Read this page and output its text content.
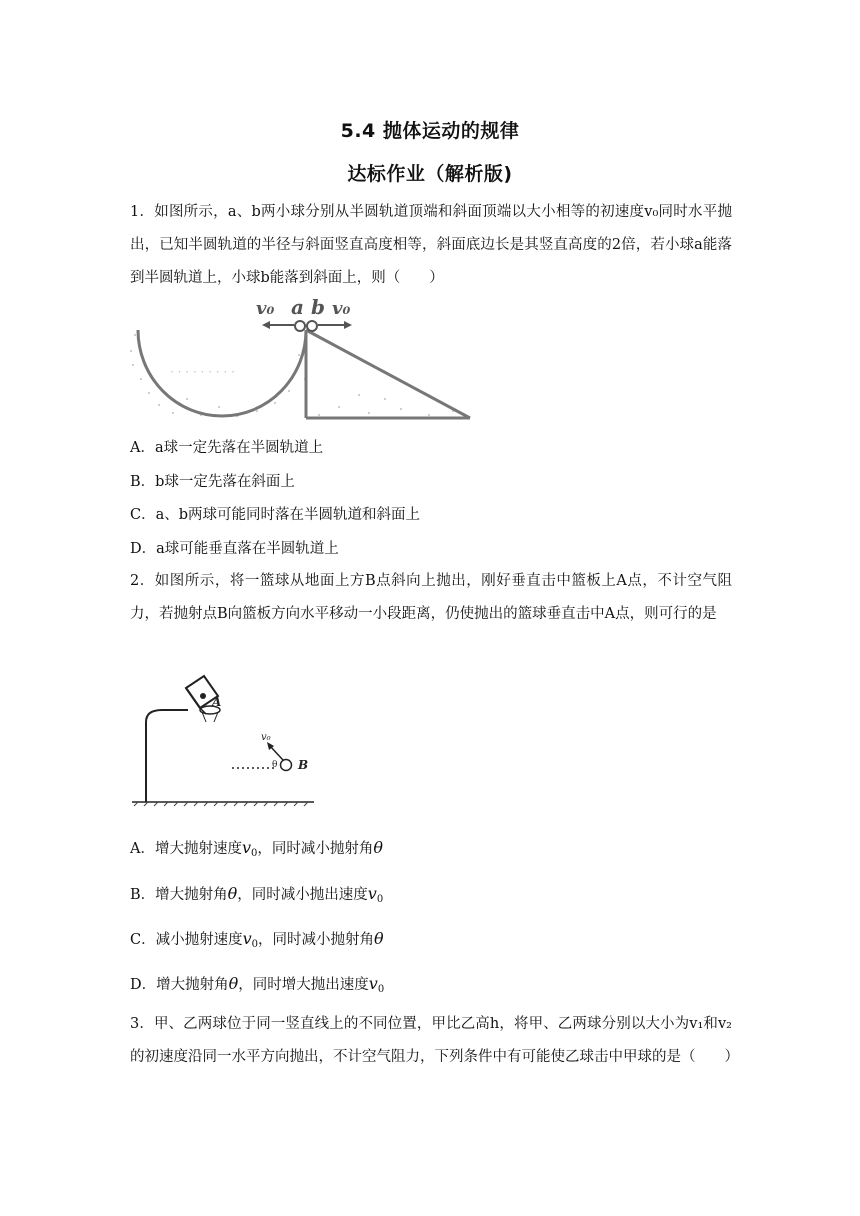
5.4 抛体运动的规律
达标作业（解析版)
1．如图所示，a、b两小球分别从半圆轨道顶端和斜面顶端以大小相等的初速度v₀同时水平抛出，已知半圆轨道的半径与斜面竖直高度相等，斜面底边长是其竖直高度的2倍，若小球a能落到半圆轨道上，小球b能落到斜面上，则（　　）
· · · · · · · · ·
v₀ a b v₀
A．a球一定先落在半圆轨道上
B．b球一定先落在斜面上
C．a、b两球可能同时落在半圆轨道和斜面上
D．a球可能垂直落在半圆轨道上
2．如图所示，将一篮球从地面上方B点斜向上抛出，刚好垂直击中篮板上A点，不计空气阻力，若抛射点B向篮板方向水平移动一小段距离，仍使抛出的篮球垂直击中A点，则可行的是
A
B
v₀
θ
A．增大抛射速度$v_0$，同时减小抛射角θ
B．增大抛射角θ，同时减小抛出速度$v_0$
C．减小抛射速度$v_0$，同时减小抛射角θ
D．增大抛射角θ，同时增大抛出速度$v_0$
3．甲、乙两球位于同一竖直线上的不同位置，甲比乙高h，将甲、乙两球分别以大小为v₁和v₂的初速度沿同一水平方向抛出，不计空气阻力，下列条件中有可能使乙球击中甲球的是（　　）
